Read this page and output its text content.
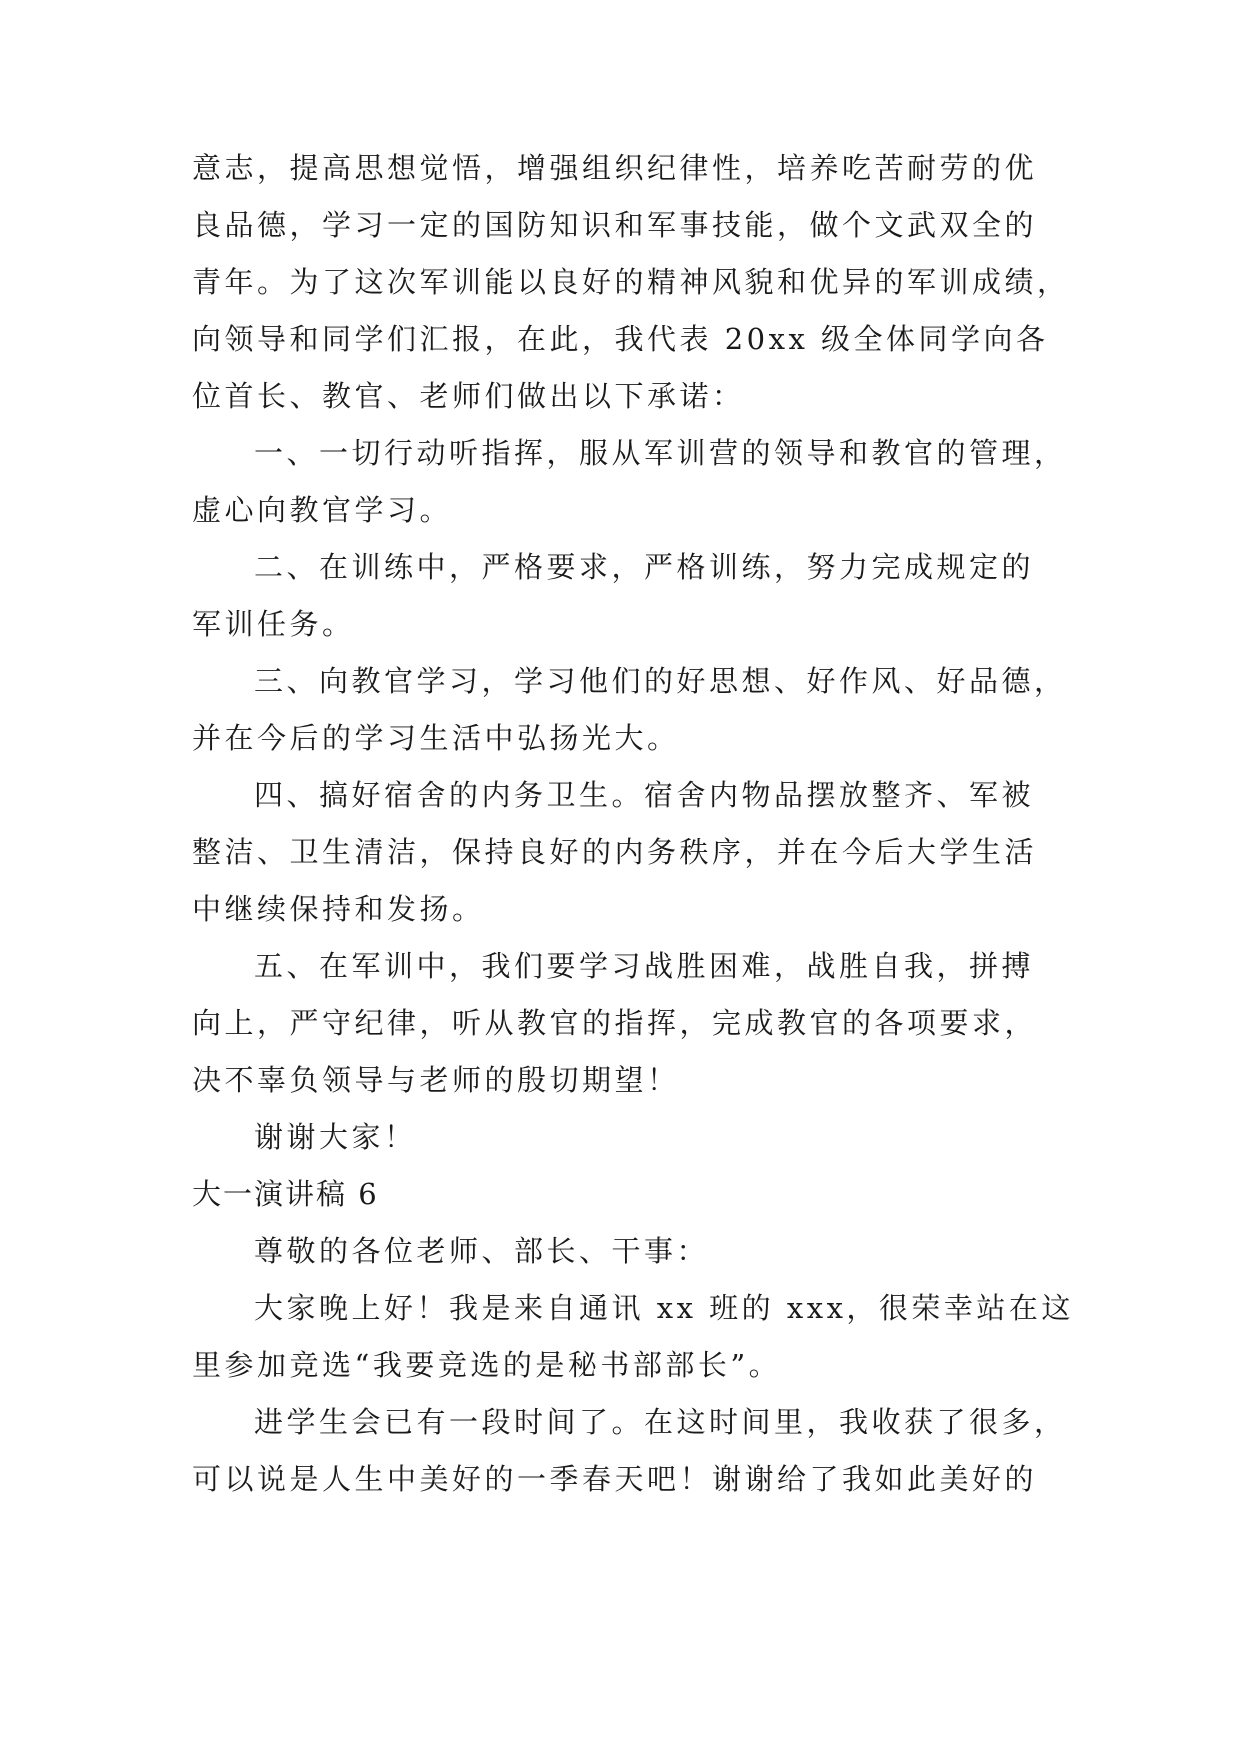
意志，提高思想觉悟，增强组织纪律性，培养吃苦耐劳的优
良品德，学习一定的国防知识和军事技能，做个文武双全的
青年。为了这次军训能以良好的精神风貌和优异的军训成绩，
向领导和同学们汇报，在此，我代表 20xx 级全体同学向各
位首长、教官、老师们做出以下承诺：
一、一切行动听指挥，服从军训营的领导和教官的管理，
虚心向教官学习。
二、在训练中，严格要求，严格训练，努力完成规定的
军训任务。
三、向教官学习，学习他们的好思想、好作风、好品德，
并在今后的学习生活中弘扬光大。
四、搞好宿舍的内务卫生。宿舍内物品摆放整齐、军被
整洁、卫生清洁，保持良好的内务秩序，并在今后大学生活
中继续保持和发扬。
五、在军训中，我们要学习战胜困难，战胜自我，拼搏
向上，严守纪律，听从教官的指挥，完成教官的各项要求，
决不辜负领导与老师的殷切期望！
谢谢大家！
大一演讲稿 6
尊敬的各位老师、部长、干事：
大家晚上好！我是来自通讯 xx 班的 xxx，很荣幸站在这
里参加竞选“我要竞选的是秘书部部长”。
进学生会已有一段时间了。在这时间里，我收获了很多，
可以说是人生中美好的一季春天吧！谢谢给了我如此美好的
